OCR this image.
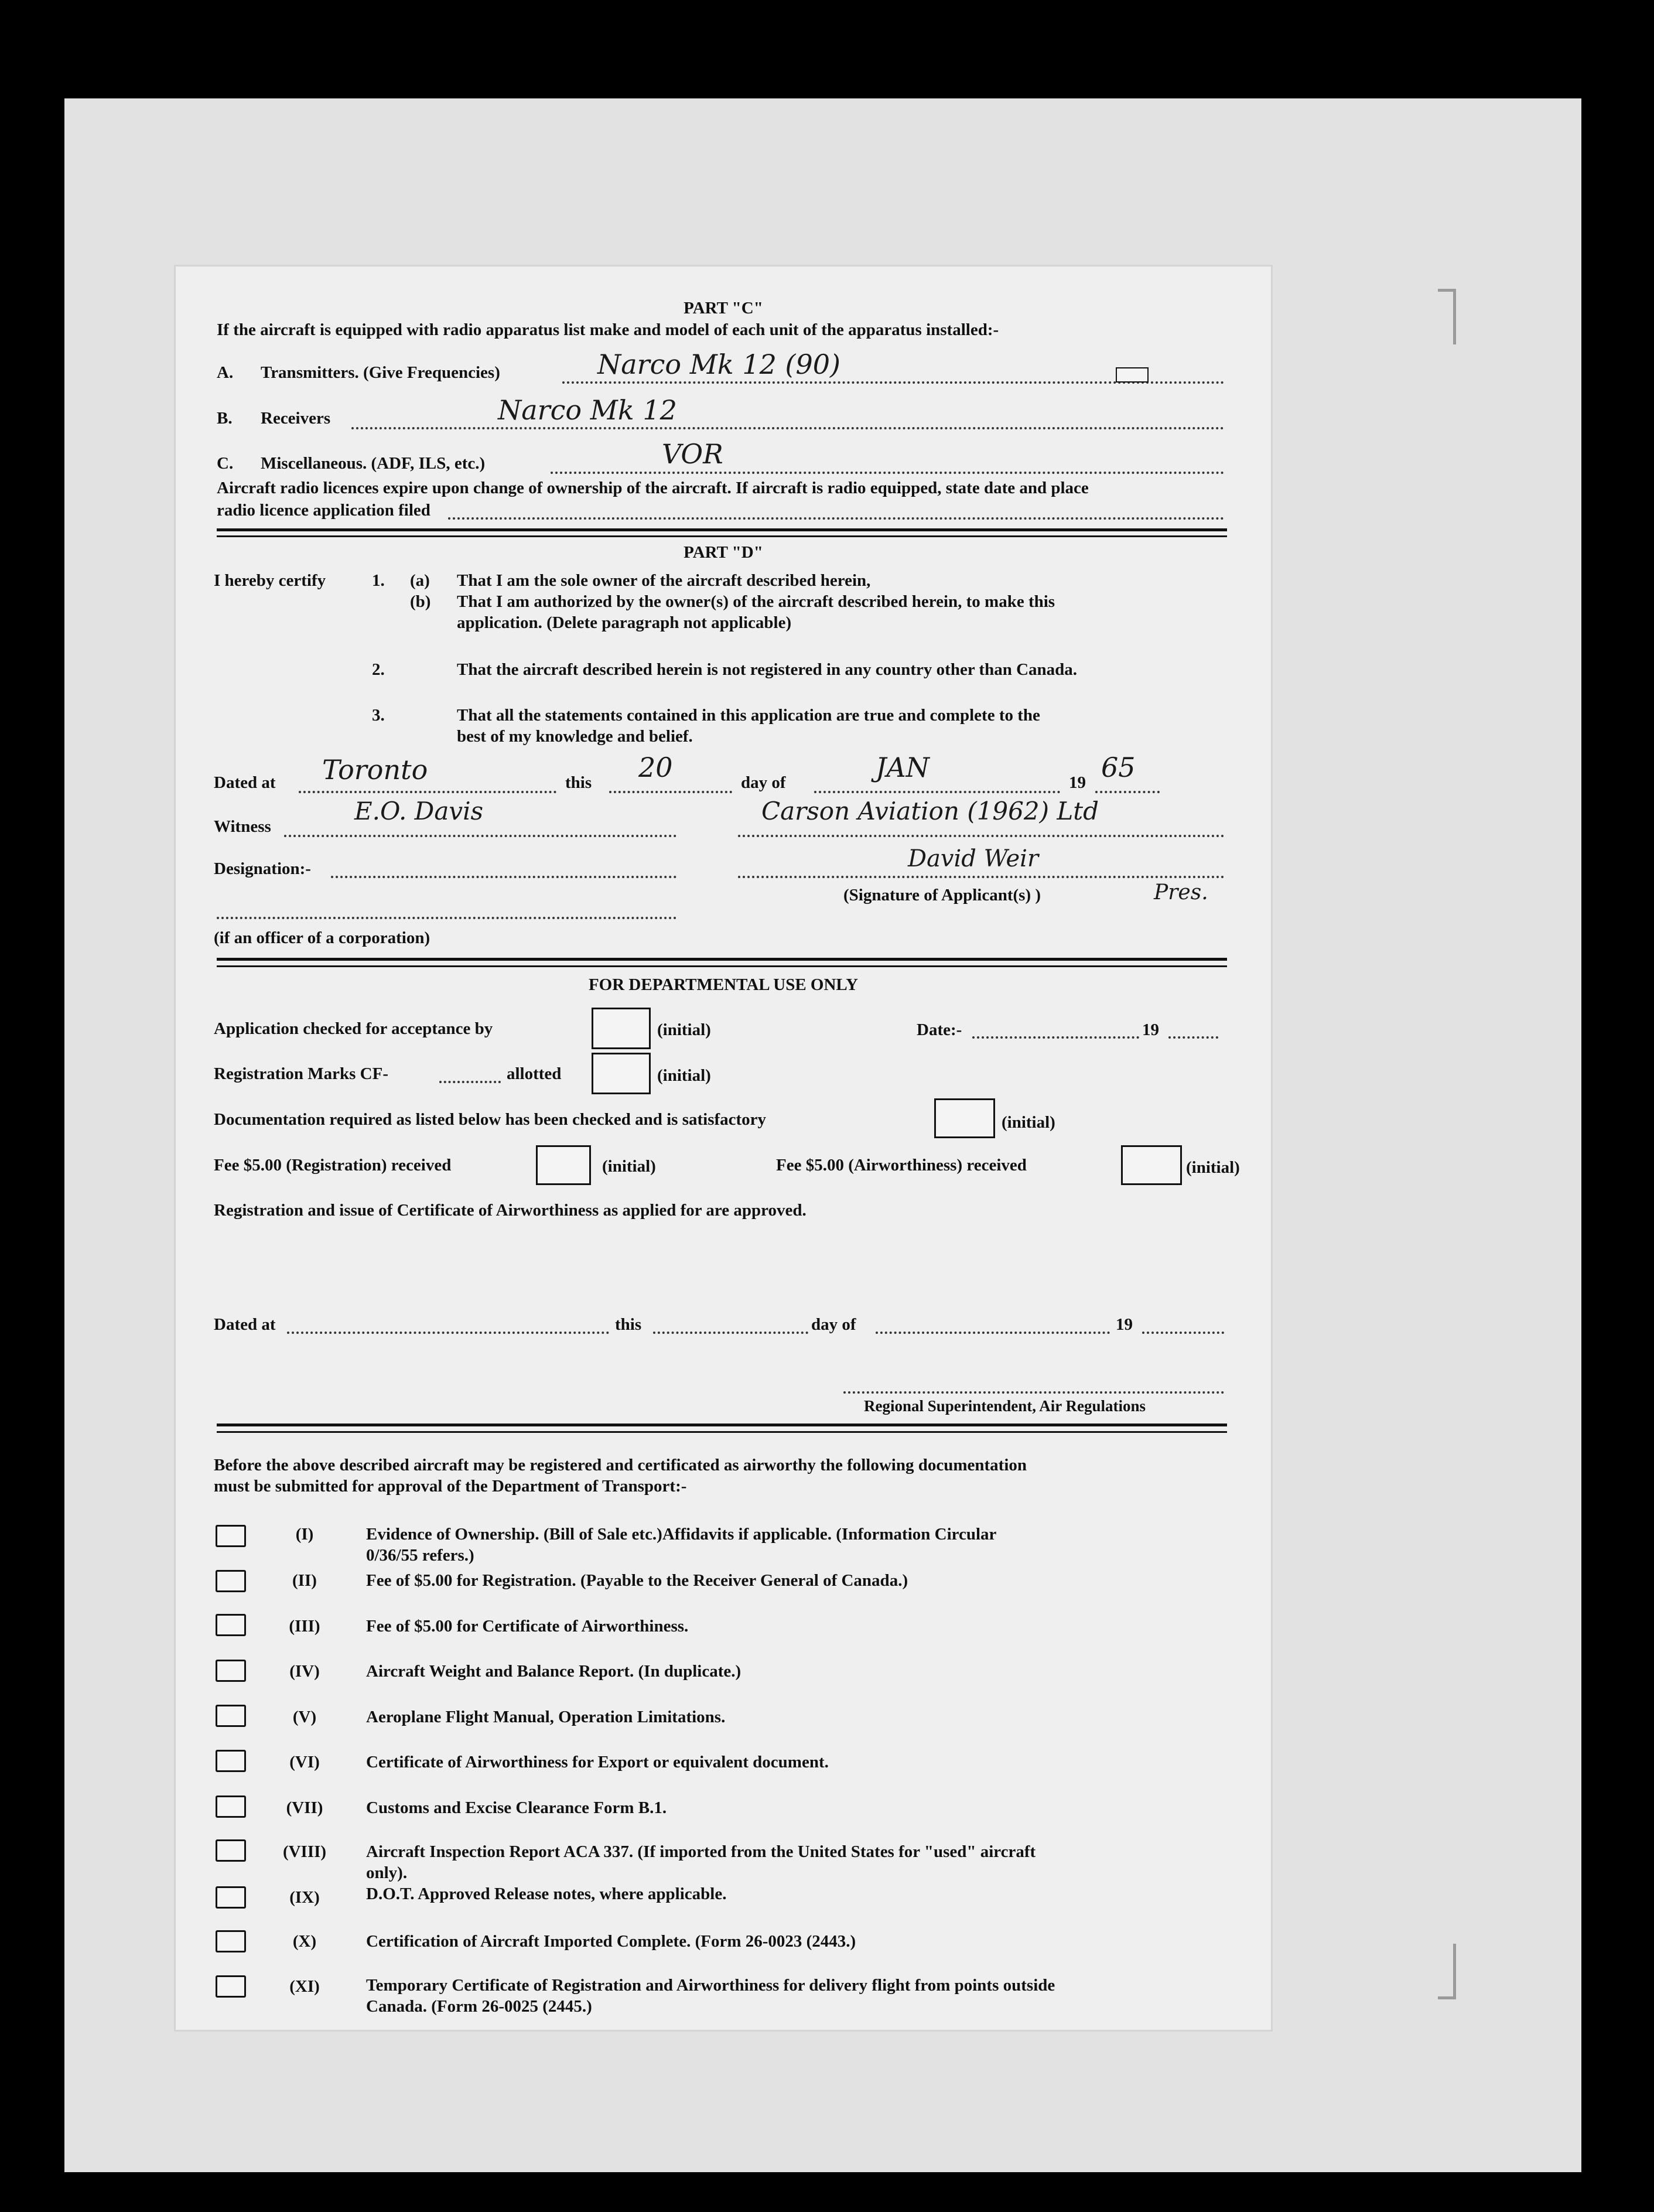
PART "C"
If the aircraft is equipped with radio apparatus list make and model of each unit of the apparatus installed:-
A. Transmitters. (Give Frequencies)	Narco Mk 12 (90)
B. Receivers	Narco Mk 12
C. Miscellaneous. (ADF, ILS, etc.)	VOR
Aircraft radio licences expire upon change of ownership of the aircraft. If aircraft is radio equipped, state date and place
radio licence application filed
PART "D"
I hereby certify	1. (a) That I am the sole owner of the aircraft described herein,
(b) That I am authorized by the owner(s) of the aircraft described herein, to make this
application. (Delete paragraph not applicable)
2.	That the aircraft described herein is not registered in any country other than Canada.
3.	That all the statements contained in this application are true and complete to the
best of my knowledge and belief.
Dated at Toronto	this 20	day of	JAN	19 65
Witness
E.O. Davis	Carson Aviation (1962) Ltd
Designation:-	David Weir
(Signature of Applicant(s) )	Pres.
(if an officer of a corporation)
FOR DEPARTMENTAL USE ONLY
Application checked for acceptance by	(initial)	Date:-	19
Registration Marks CF-	allotted	(initial)
Documentation required as listed below has been checked and is satisfactory	(initial)
Fee $5.00 (Registration) received	(initial)	Fee $5.00 (Airworthiness) received	(initial)
Registration and issue of Certificate of Airworthiness as applied for are approved.
Dated at	this	day of	19
Regional Superintendent, Air Regulations
Before the above described aircraft may be registered and certificated as airworthy the following documentation
must be submitted for approval of the Department of Transport:-
(I)	Evidence of Ownership. (Bill of Sale etc.)Affidavits if applicable. (Information Circular
0/36/55 refers.)
(II)	Fee of $5.00 for Registration. (Payable to the Receiver General of Canada.)
(III)	Fee of $5.00 for Certificate of Airworthiness.
(IV)	Aircraft Weight and Balance Report. (In duplicate.)
(V)	Aeroplane Flight Manual, Operation Limitations.
(VI)	Certificate of Airworthiness for Export or equivalent document.
(VII)	Customs and Excise Clearance Form B.1.
(VIII)	Aircraft Inspection Report ACA 337. (If imported from the United States for "used" aircraft
only).
(IX)	D.O.T. Approved Release notes, where applicable.
(X)	Certification of Aircraft Imported Complete. (Form 26-0023 (2443.)
(XI)	Temporary Certificate of Registration and Airworthiness for delivery flight from points outside
Canada. (Form 26-0025 (2445.)
